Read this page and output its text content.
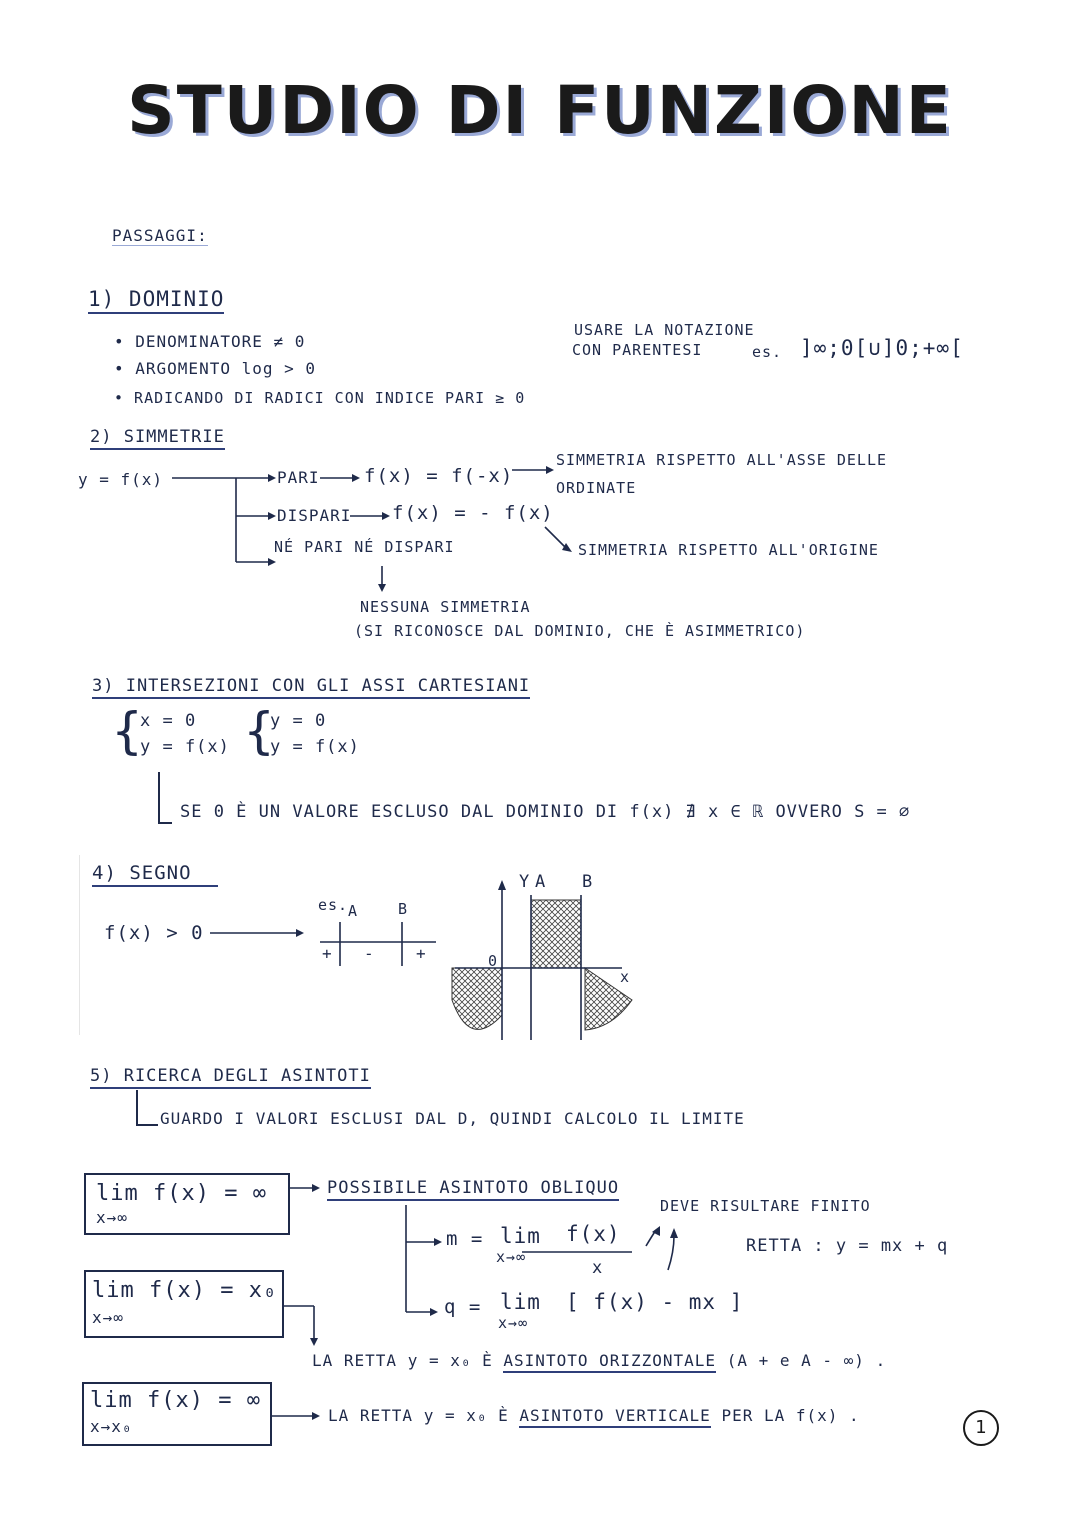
STUDIO DI FUNZIONE
PASSAGGI:
1) DOMINIO
• DENOMINATORE ≠ 0
• ARGOMENTO log > 0
• RADICANDO DI RADICI CON INDICE PARI ≥ 0
USARE LA NOTAZIONE
CON PARENTESI	es. ]∞;0[∪]0;+∞[
2) SIMMETRIE
y = f(x)	PARI f(x) = f(-x)
SIMMETRIA RISPETTO ALL'ASSE DELLE
ORDINATE
DISPARI f(x) = - f(x)
SIMMETRIA RISPETTO ALL'ORIGINE
NÉ PARI NÉ DISPARI
NESSUNA SIMMETRIA
(SI RICONOSCE DAL DOMINIO, CHE È ASIMMETRICO)
3) INTERSEZIONI CON GLI ASSI CARTESIANI
{
x = 0
y = f(x) {
y = 0
y = f(x)
SE 0 È UN VALORE ESCLUSO DAL DOMINIO DI f(x) ∄ x ∈ ℝ OVVERO S = ∅
4) SEGNO
f(x) > 0
es. A	B
+ -	+
Y A B
0
x
5) RICERCA DEGLI ASINTOTI
GUARDO I VALORI ESCLUSI DAL D, QUINDI CALCOLO IL LIMITE
lim f(x) = ∞
x→∞
POSSIBILE ASINTOTO OBLIQUO
DEVE RISULTARE FINITO
RETTA : y = mx + q
m = lim
x→∞
f(x)
x
q = lim
x→∞
[ f(x) - mx ]
lim f(x) = x₀
x→∞
LA RETTA y = x₀ È ASINTOTO ORIZZONTALE (A + e A - ∞) .
lim f(x) = ∞
x→x₀
LA RETTA y = x₀ È ASINTOTO VERTICALE PER LA f(x) .
1
